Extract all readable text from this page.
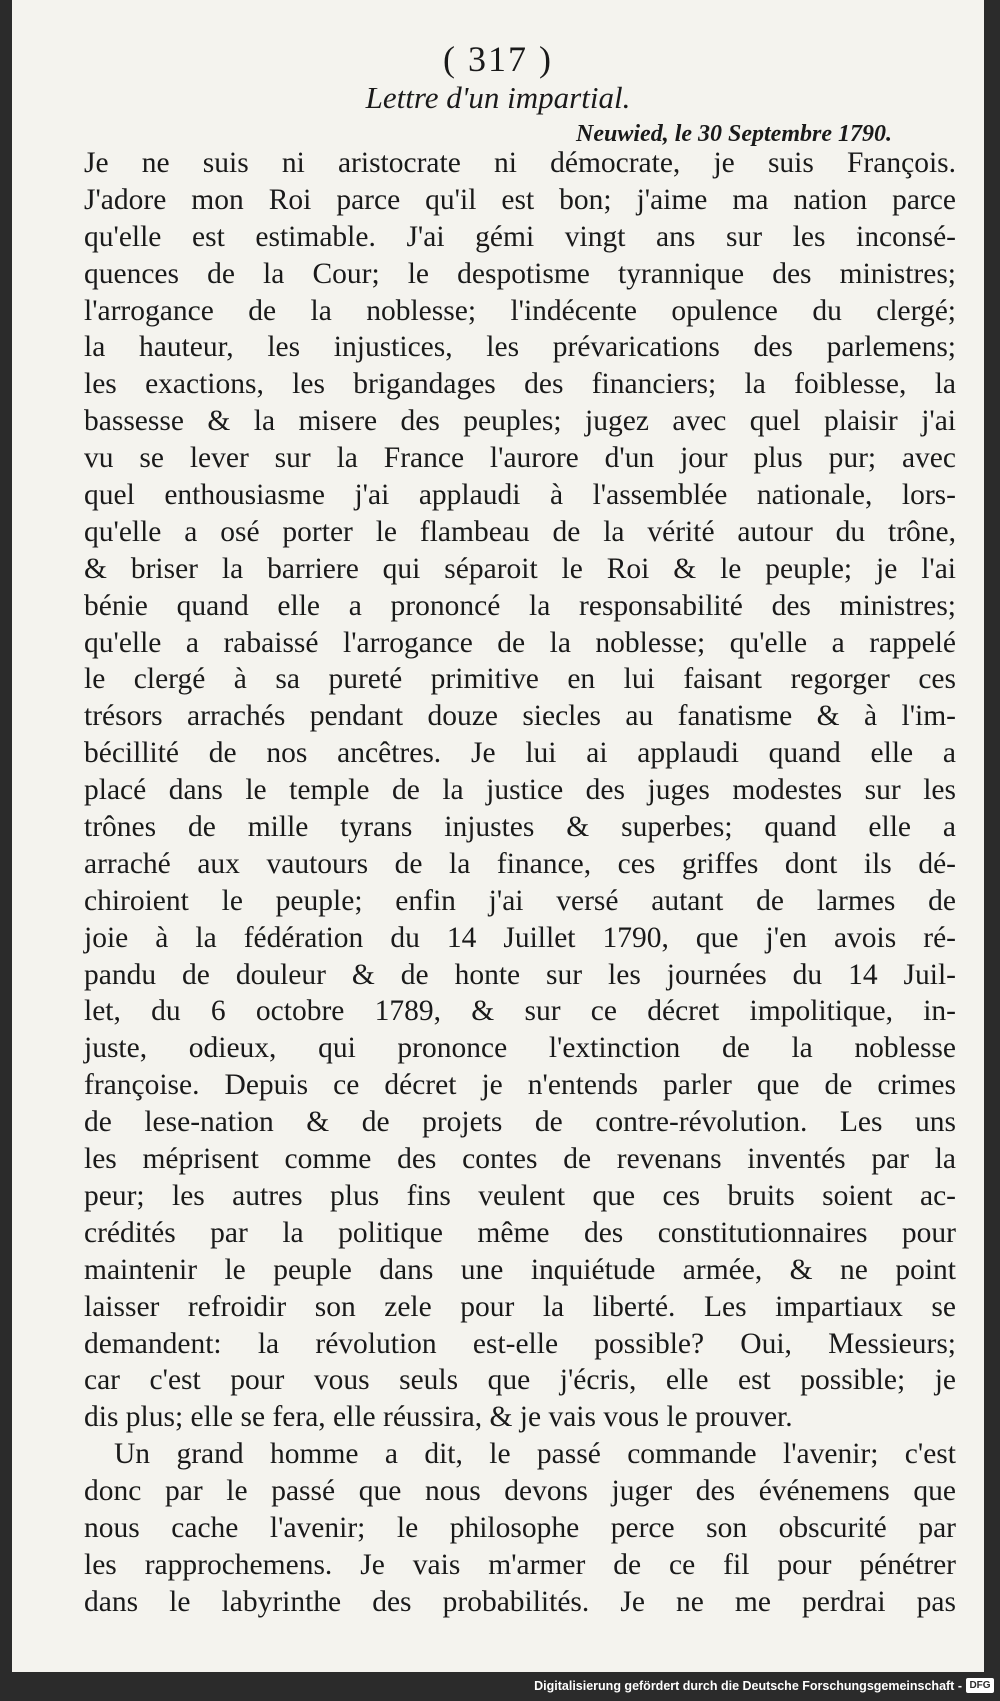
( 317 )
Lettre d'un impartial.
Neuwied, le 30 Septembre 1790.
Je ne suis ni aristocrate ni démocrate, je suis François.
J'adore mon Roi parce qu'il est bon; j'aime ma nation parce
qu'elle est estimable. J'ai gémi vingt ans sur les inconsé-
quences de la Cour; le despotisme tyrannique des ministres;
l'arrogance de la noblesse; l'indécente opulence du clergé;
la hauteur, les injustices, les prévarications des parlemens;
les exactions, les brigandages des financiers; la foiblesse, la
bassesse & la misere des peuples; jugez avec quel plaisir j'ai
vu se lever sur la France l'aurore d'un jour plus pur; avec
quel enthousiasme j'ai applaudi à l'assemblée nationale, lors-
qu'elle a osé porter le flambeau de la vérité autour du trône,
& briser la barriere qui séparoit le Roi & le peuple; je l'ai
bénie quand elle a prononcé la responsabilité des ministres;
qu'elle a rabaissé l'arrogance de la noblesse; qu'elle a rappelé
le clergé à sa pureté primitive en lui faisant regorger ces
trésors arrachés pendant douze siecles au fanatisme & à l'im-
bécillité de nos ancêtres. Je lui ai applaudi quand elle a
placé dans le temple de la justice des juges modestes sur les
trônes de mille tyrans injustes & superbes; quand elle a
arraché aux vautours de la finance, ces griffes dont ils dé-
chiroient le peuple; enfin j'ai versé autant de larmes de
joie à la fédération du 14 Juillet 1790, que j'en avois ré-
pandu de douleur & de honte sur les journées du 14 Juil-
let, du 6 octobre 1789, & sur ce décret impolitique, in-
juste, odieux, qui prononce l'extinction de la noblesse
françoise. Depuis ce décret je n'entends parler que de crimes
de lese-nation & de projets de contre-révolution. Les uns
les méprisent comme des contes de revenans inventés par la
peur; les autres plus fins veulent que ces bruits soient ac-
crédités par la politique même des constitutionnaires pour
maintenir le peuple dans une inquiétude armée, & ne point
laisser refroidir son zele pour la liberté. Les impartiaux se
demandent: la révolution est-elle possible? Oui, Messieurs;
car c'est pour vous seuls que j'écris, elle est possible; je
dis plus; elle se fera, elle réussira, & je vais vous le prouver.
Un grand homme a dit, le passé commande l'avenir; c'est
donc par le passé que nous devons juger des événemens que
nous cache l'avenir; le philosophe perce son obscurité par
les rapprochemens. Je vais m'armer de ce fil pour pénétrer
dans le labyrinthe des probabilités. Je ne me perdrai pas
Digitalisierung gefördert durch die Deutsche Forschungsgemeinschaft - DFG
